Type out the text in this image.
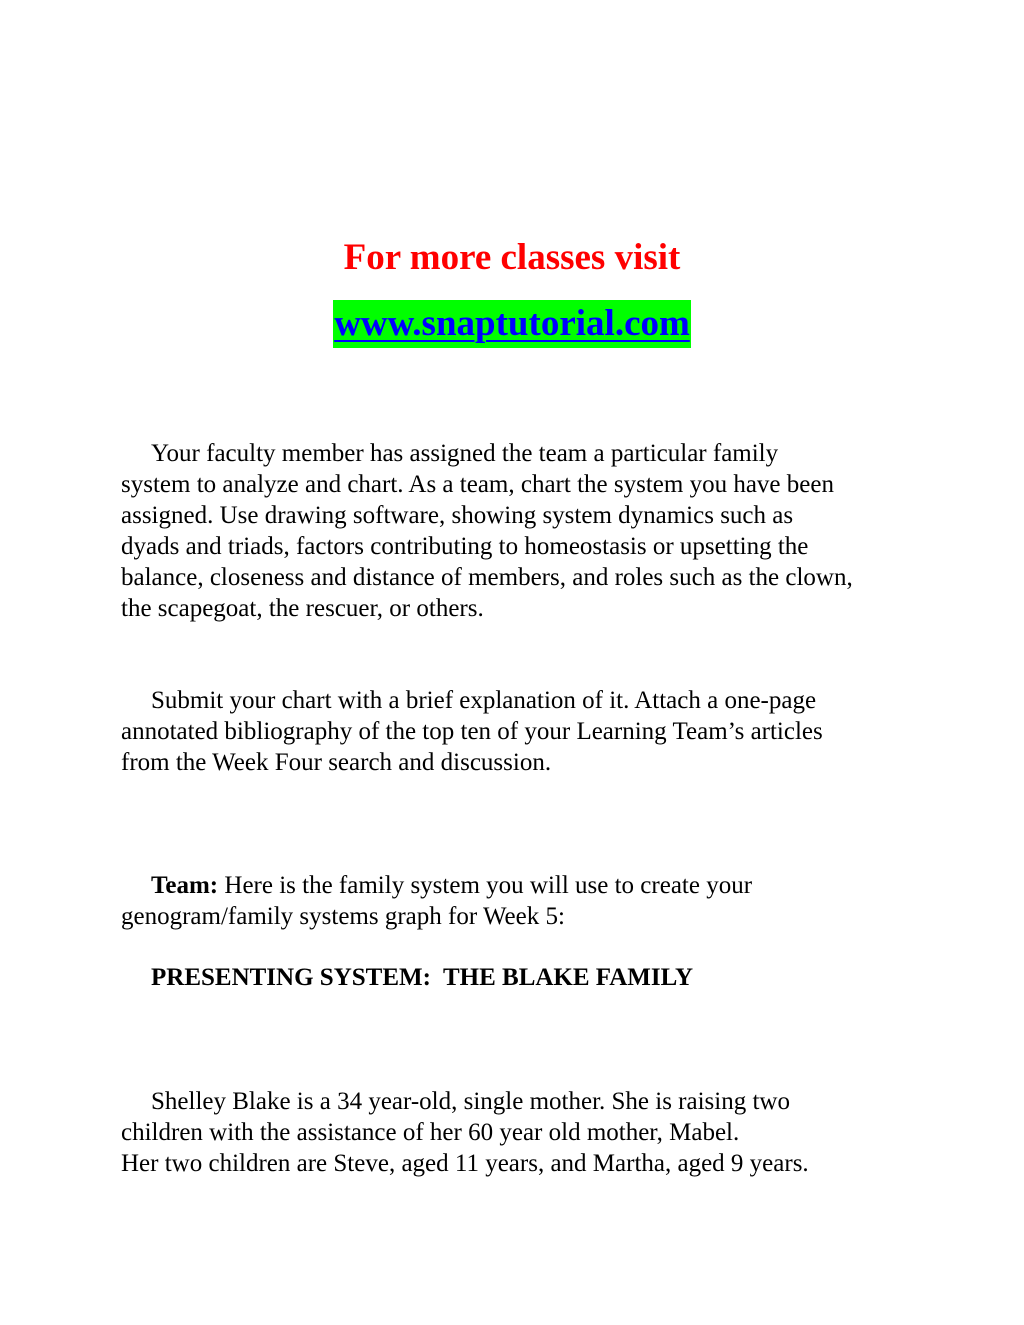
For more classes visit
www.snaptutorial.com

Your faculty member has assigned the team a particular family
system to analyze and chart. As a team, chart the system you have been
assigned. Use drawing software, showing system dynamics such as
dyads and triads, factors contributing to homeostasis or upsetting the
balance, closeness and distance of members, and roles such as the clown,
the scapegoat, the rescuer, or others.

Submit your chart with a brief explanation of it. Attach a one-page
annotated bibliography of the top ten of your Learning Team’s articles
from the Week Four search and discussion.

Team: Here is the family system you will use to create your
genogram/family systems graph for Week 5:

PRESENTING SYSTEM:  THE BLAKE FAMILY

Shelley Blake is a 34 year-old, single mother. She is raising two
children with the assistance of her 60 year old mother, Mabel.
Her two children are Steve, aged 11 years, and Martha, aged 9 years.
